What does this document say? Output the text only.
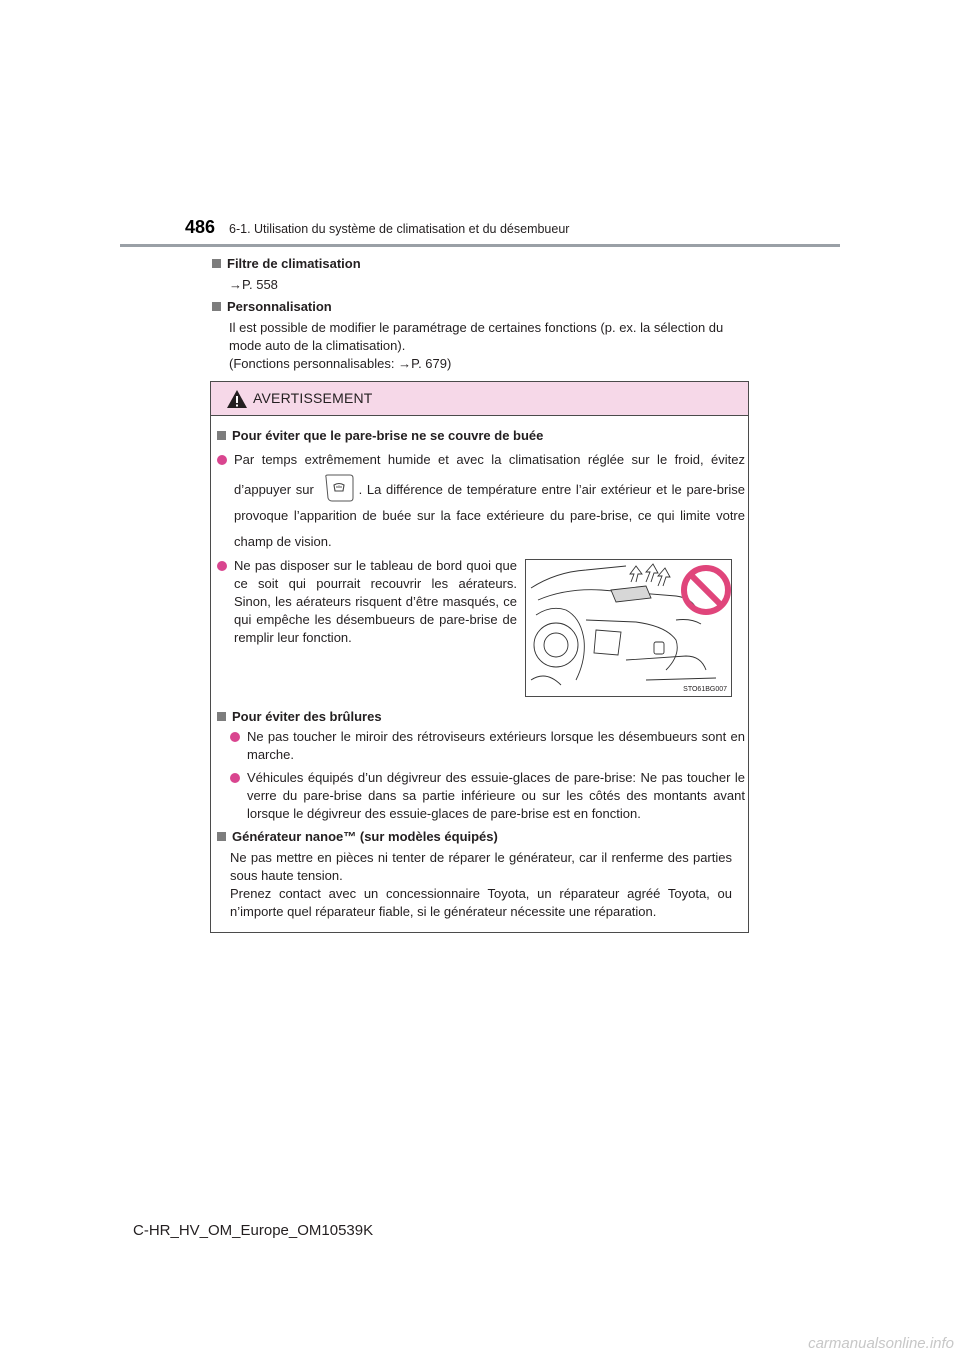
486 6-1. Utilisation du système de climatisation et du désembueur
Filtre de climatisation
→P. 558
Personnalisation
Il est possible de modifier le paramétrage de certaines fonctions (p. ex. la sélection du mode auto de la climatisation).
(Fonctions personnalisables: →P. 679)
AVERTISSEMENT
Pour éviter que le pare-brise ne se couvre de buée
Par temps extrêmement humide et avec la climatisation réglée sur le froid, évitez d’appuyer sur	. La différence de température entre l’air extérieur et le pare-brise provoque l’apparition de buée sur la face extérieure du pare-brise, ce qui limite votre champ de vision.
Ne pas disposer sur le tableau de bord quoi que ce soit qui pourrait recouvrir les aérateurs. Sinon, les aérateurs risquent d’être masqués, ce qui empêche les désembueurs de pare-brise de remplir leur fonction.
STO61BG007
Pour éviter des brûlures
Ne pas toucher le miroir des rétroviseurs extérieurs lorsque les désembueurs sont en marche.
Véhicules équipés d’un dégivreur des essuie-glaces de pare-brise: Ne pas toucher le verre du pare-brise dans sa partie inférieure ou sur les côtés des montants avant lorsque le dégivreur des essuie-glaces de pare-brise est en fonction.
Générateur nanoe™ (sur modèles équipés)
Ne pas mettre en pièces ni tenter de réparer le générateur, car il renferme des parties sous haute tension.
Prenez contact avec un concessionnaire Toyota, un réparateur agréé Toyota, ou n’importe quel réparateur fiable, si le générateur nécessite une réparation.
C-HR_HV_OM_Europe_OM10539K
carmanualsonline.info
